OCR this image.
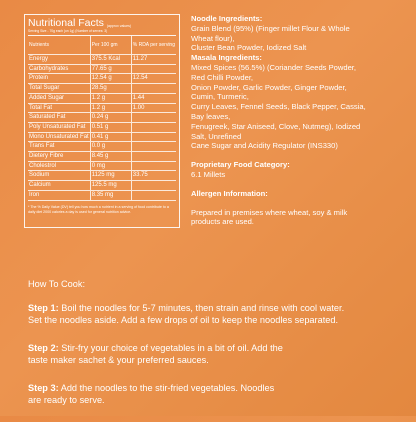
Nutritional Facts (approx values)
Serving Size - 70g each (on 1g) (Number of serves: 3)
Nutrients	Per 100 gm	% RDA per serving
Energy	375.5 Kcal	11.27
Carbohydrates	77.65 g	
Protein	12.54 g	12.54
Total Sugar	28.5g	
Added Sugar	1.2 g	1.44
Total Fat	1.2 g	1.00
Saturated Fat	0.24 g	
Poly Unsaturated Fat	0.51 g	
Mono Unsaturated Fat	0.41 g	
Trans Fat	0.0 g	
Dietery Fibre	8.45 g	
Cholestrol	0 mg	
Sodium	1125 mg	33.75
Calcium	125.5 mg	
Iron	8.35 mg	
* The % Daily Value (DV) tell you how much a nutrient in a serving of food contribute to a daily diet 2000 calories a day is used for general nutrition advice.
Noodle Ingredients:
Grain Blend (95%) (Finger millet Flour & Whole
Wheat flour),
Cluster Bean Powder, Iodized Salt
Masala Ingredients:
Mixed Spices (56.5%) (Coriander Seeds Powder,
Red Chilli Powder,
Onion Powder, Garlic Powder, Ginger Powder,
Cumin, Turmeric,
Curry Leaves, Fennel Seeds, Black Pepper, Cassia,
Bay leaves,
Fenugreek, Star Aniseed, Clove, Nutmeg), Iodized
Salt, Unrefined
Cane Sugar and Acidity Regulator (INS330)
Proprietary Food Category:
6.1 Millets
Allergen Information:
Prepared in premises where wheat, soy & milk
products are used.
How To Cook:
Step 1: Boil the noodles for 5-7 minutes, then strain and rinse with cool water.
Set the noodles aside. Add a few drops of oil to keep the noodles separated.
Step 2: Stir-fry your choice of vegetables in a bit of oil. Add the
taste maker sachet & your preferred sauces.
Step 3: Add the noodles to the stir-fried vegetables. Noodles
are ready to serve.
